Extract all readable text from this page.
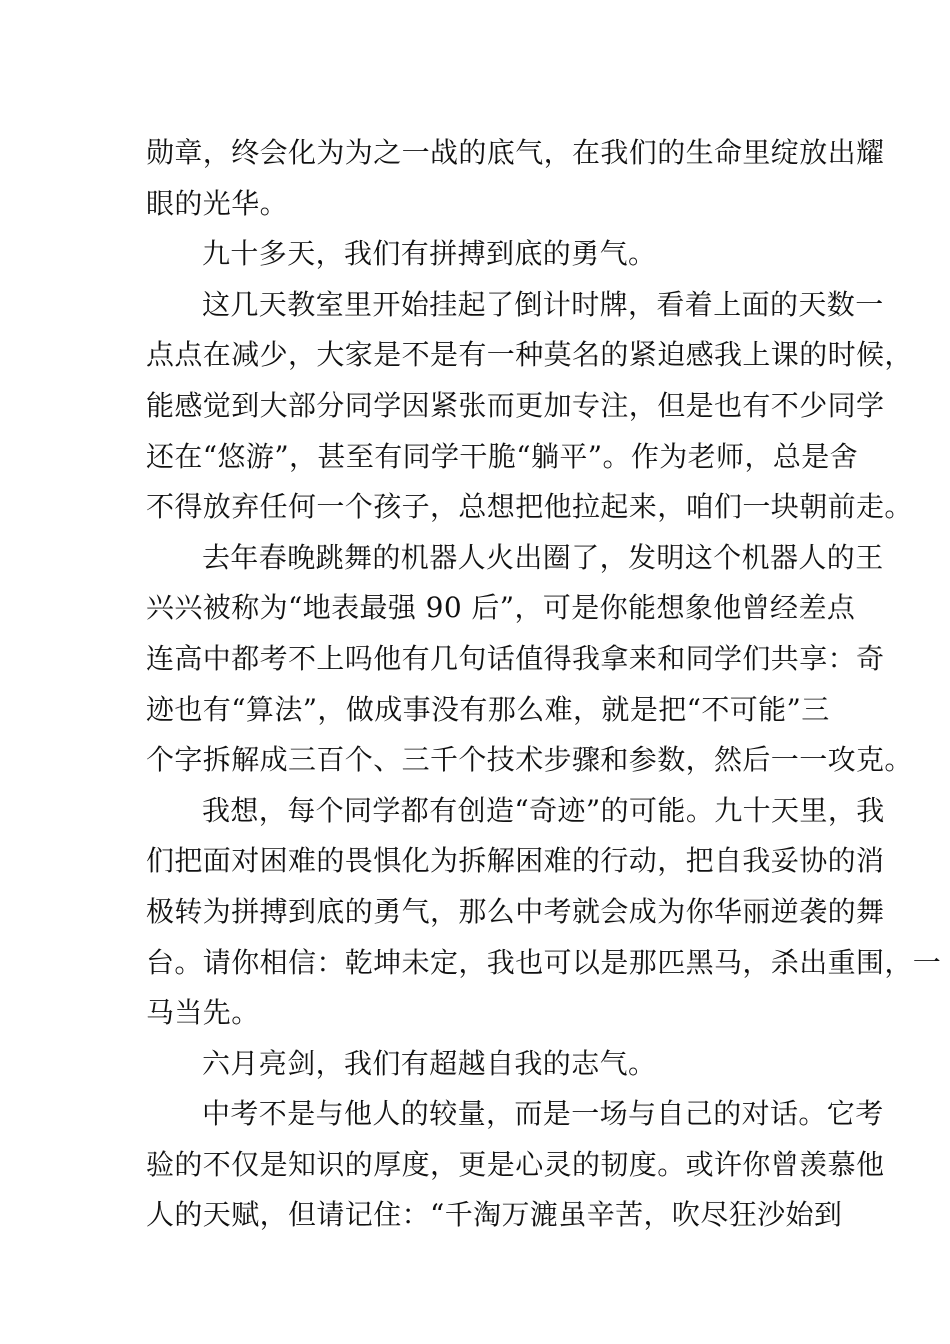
勋章，终会化为为之一战的底气，在我们的生命里绽放出耀
眼的光华。
九十多天，我们有拼搏到底的勇气。
这几天教室里开始挂起了倒计时牌，看着上面的天数一
点点在减少，大家是不是有一种莫名的紧迫感我上课的时候，
能感觉到大部分同学因紧张而更加专注，但是也有不少同学
还在“悠游”，甚至有同学干脆“躺平”。作为老师，总是舍
不得放弃任何一个孩子，总想把他拉起来，咱们一块朝前走。
去年春晚跳舞的机器人火出圈了，发明这个机器人的王
兴兴被称为“地表最强 90 后”，可是你能想象他曾经差点
连高中都考不上吗他有几句话值得我拿来和同学们共享：奇
迹也有“算法”，做成事没有那么难，就是把“不可能”三
个字拆解成三百个、三千个技术步骤和参数，然后一一攻克。
我想，每个同学都有创造“奇迹”的可能。九十天里，我
们把面对困难的畏惧化为拆解困难的行动，把自我妥协的消
极转为拼搏到底的勇气，那么中考就会成为你华丽逆袭的舞
台。请你相信：乾坤未定，我也可以是那匹黑马，杀出重围，一
马当先。
六月亮剑，我们有超越自我的志气。
中考不是与他人的较量，而是一场与自己的对话。它考
验的不仅是知识的厚度，更是心灵的韧度。或许你曾羡慕他
人的天赋，但请记住：“千淘万漉虽辛苦，吹尽狂沙始到
